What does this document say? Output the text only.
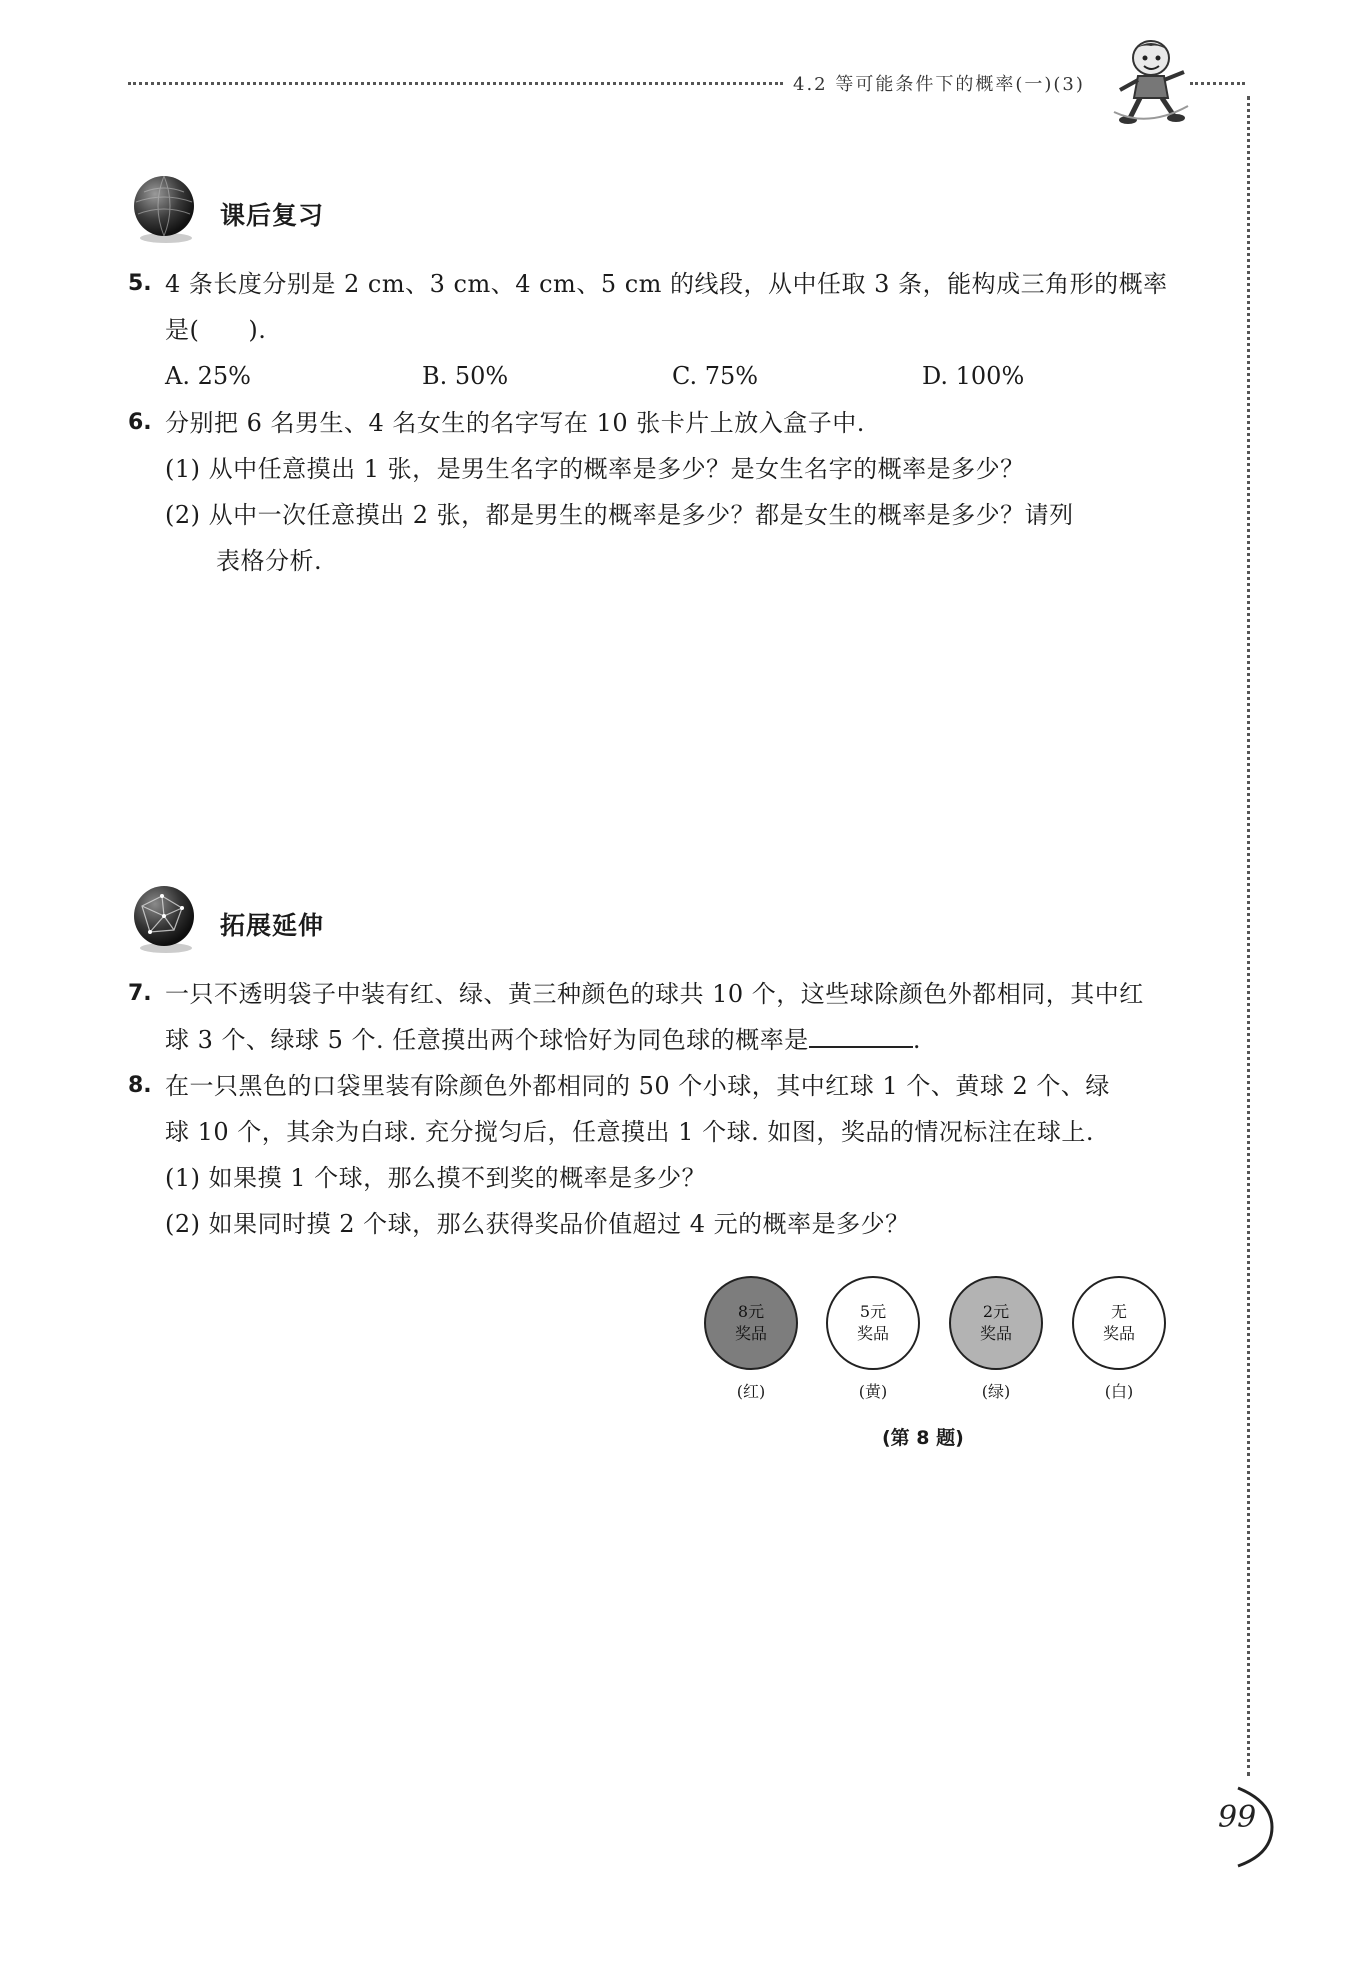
4.2 等可能条件下的概率(一)(3)
课后复习
5. 4 条长度分别是 2 cm、3 cm、4 cm、5 cm 的线段，从中任取 3 条，能构成三角形的概率
是(　　).
A. 25%	B. 50%	C. 75%	D. 100%
6. 分别把 6 名男生、4 名女生的名字写在 10 张卡片上放入盒子中.
(1) 从中任意摸出 1 张，是男生名字的概率是多少？是女生名字的概率是多少？
(2) 从中一次任意摸出 2 张，都是男生的概率是多少？都是女生的概率是多少？请列
表格分析.
拓展延伸
7. 一只不透明袋子中装有红、绿、黄三种颜色的球共 10 个，这些球除颜色外都相同，其中红
球 3 个、绿球 5 个. 任意摸出两个球恰好为同色球的概率是	.
8. 在一只黑色的口袋里装有除颜色外都相同的 50 个小球，其中红球 1 个、黄球 2 个、绿
球 10 个，其余为白球. 充分搅匀后，任意摸出 1 个球. 如图，奖品的情况标注在球上.
(1) 如果摸 1 个球，那么摸不到奖的概率是多少？
(2) 如果同时摸 2 个球，那么获得奖品价值超过 4 元的概率是多少？
8元
奖品
(红)
5元
奖品
(黄)
2元
奖品
(绿)
无
奖品
(白)
(第 8 题)
99
